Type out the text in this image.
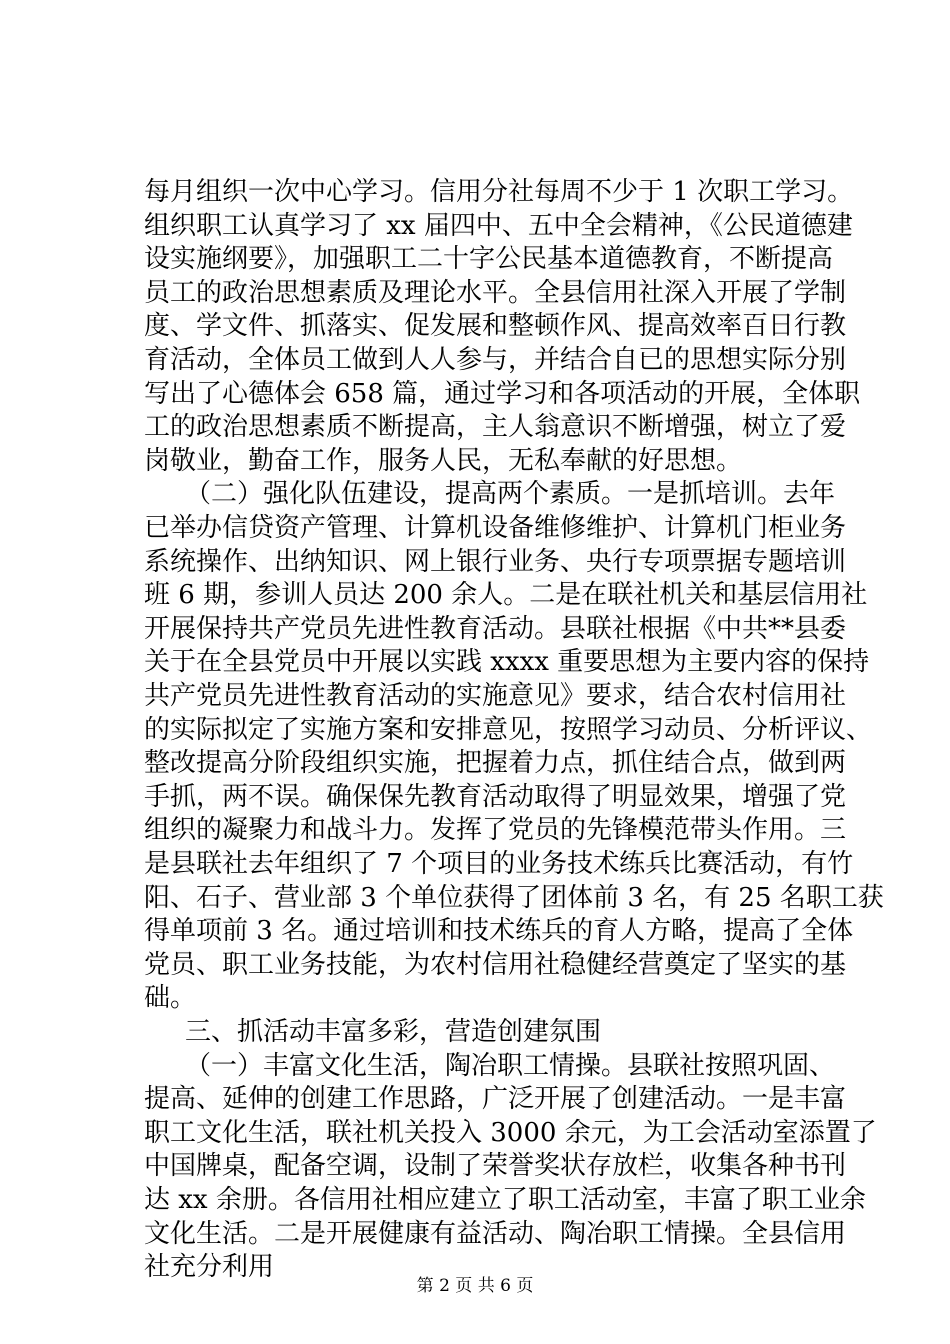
每月组织一次中心学习。信用分社每周不少于 1 次职工学习。
组织职工认真学习了 xx 届四中、五中全会精神，《公民道德建
设实施纲要》，加强职工二十字公民基本道德教育，不断提高
员工的政治思想素质及理论水平。全县信用社深入开展了学制
度、学文件、抓落实、促发展和整顿作风、提高效率百日行教
育活动，全体员工做到人人参与，并结合自已的思想实际分别
写出了心德体会 658 篇，通过学习和各项活动的开展，全体职
工的政治思想素质不断提高，主人翁意识不断增强，树立了爱
岗敬业，勤奋工作，服务人民，无私奉献的好思想。
（二）强化队伍建设，提高两个素质。一是抓培训。去年
已举办信贷资产管理、计算机设备维修维护、计算机门柜业务
系统操作、出纳知识、网上银行业务、央行专项票据专题培训
班 6 期，参训人员达 200 余人。二是在联社机关和基层信用社
开展保持共产党员先进性教育活动。县联社根据《中共**县委
关于在全县党员中开展以实践 xxxx 重要思想为主要内容的保持
共产党员先进性教育活动的实施意见》要求，结合农村信用社
的实际拟定了实施方案和安排意见，按照学习动员、分析评议、
整改提高分阶段组织实施，把握着力点，抓住结合点，做到两
手抓，两不误。确保保先教育活动取得了明显效果，增强了党
组织的凝聚力和战斗力。发挥了党员的先锋模范带头作用。三
是县联社去年组织了 7 个项目的业务技术练兵比赛活动，有竹
阳、石子、营业部 3 个单位获得了团体前 3 名，有 25 名职工获
得单项前 3 名。通过培训和技术练兵的育人方略，提高了全体
党员、职工业务技能，为农村信用社稳健经营奠定了坚实的基
础。
三、抓活动丰富多彩，营造创建氛围
（一）丰富文化生活，陶冶职工情操。县联社按照巩固、
提高、延伸的创建工作思路，广泛开展了创建活动。一是丰富
职工文化生活，联社机关投入 3000 余元，为工会活动室添置了
中国牌桌，配备空调，设制了荣誉奖状存放栏，收集各种书刊
达 xx 余册。各信用社相应建立了职工活动室，丰富了职工业余
文化生活。二是开展健康有益活动、陶冶职工情操。全县信用
社充分利用
第 2 页 共 6 页
